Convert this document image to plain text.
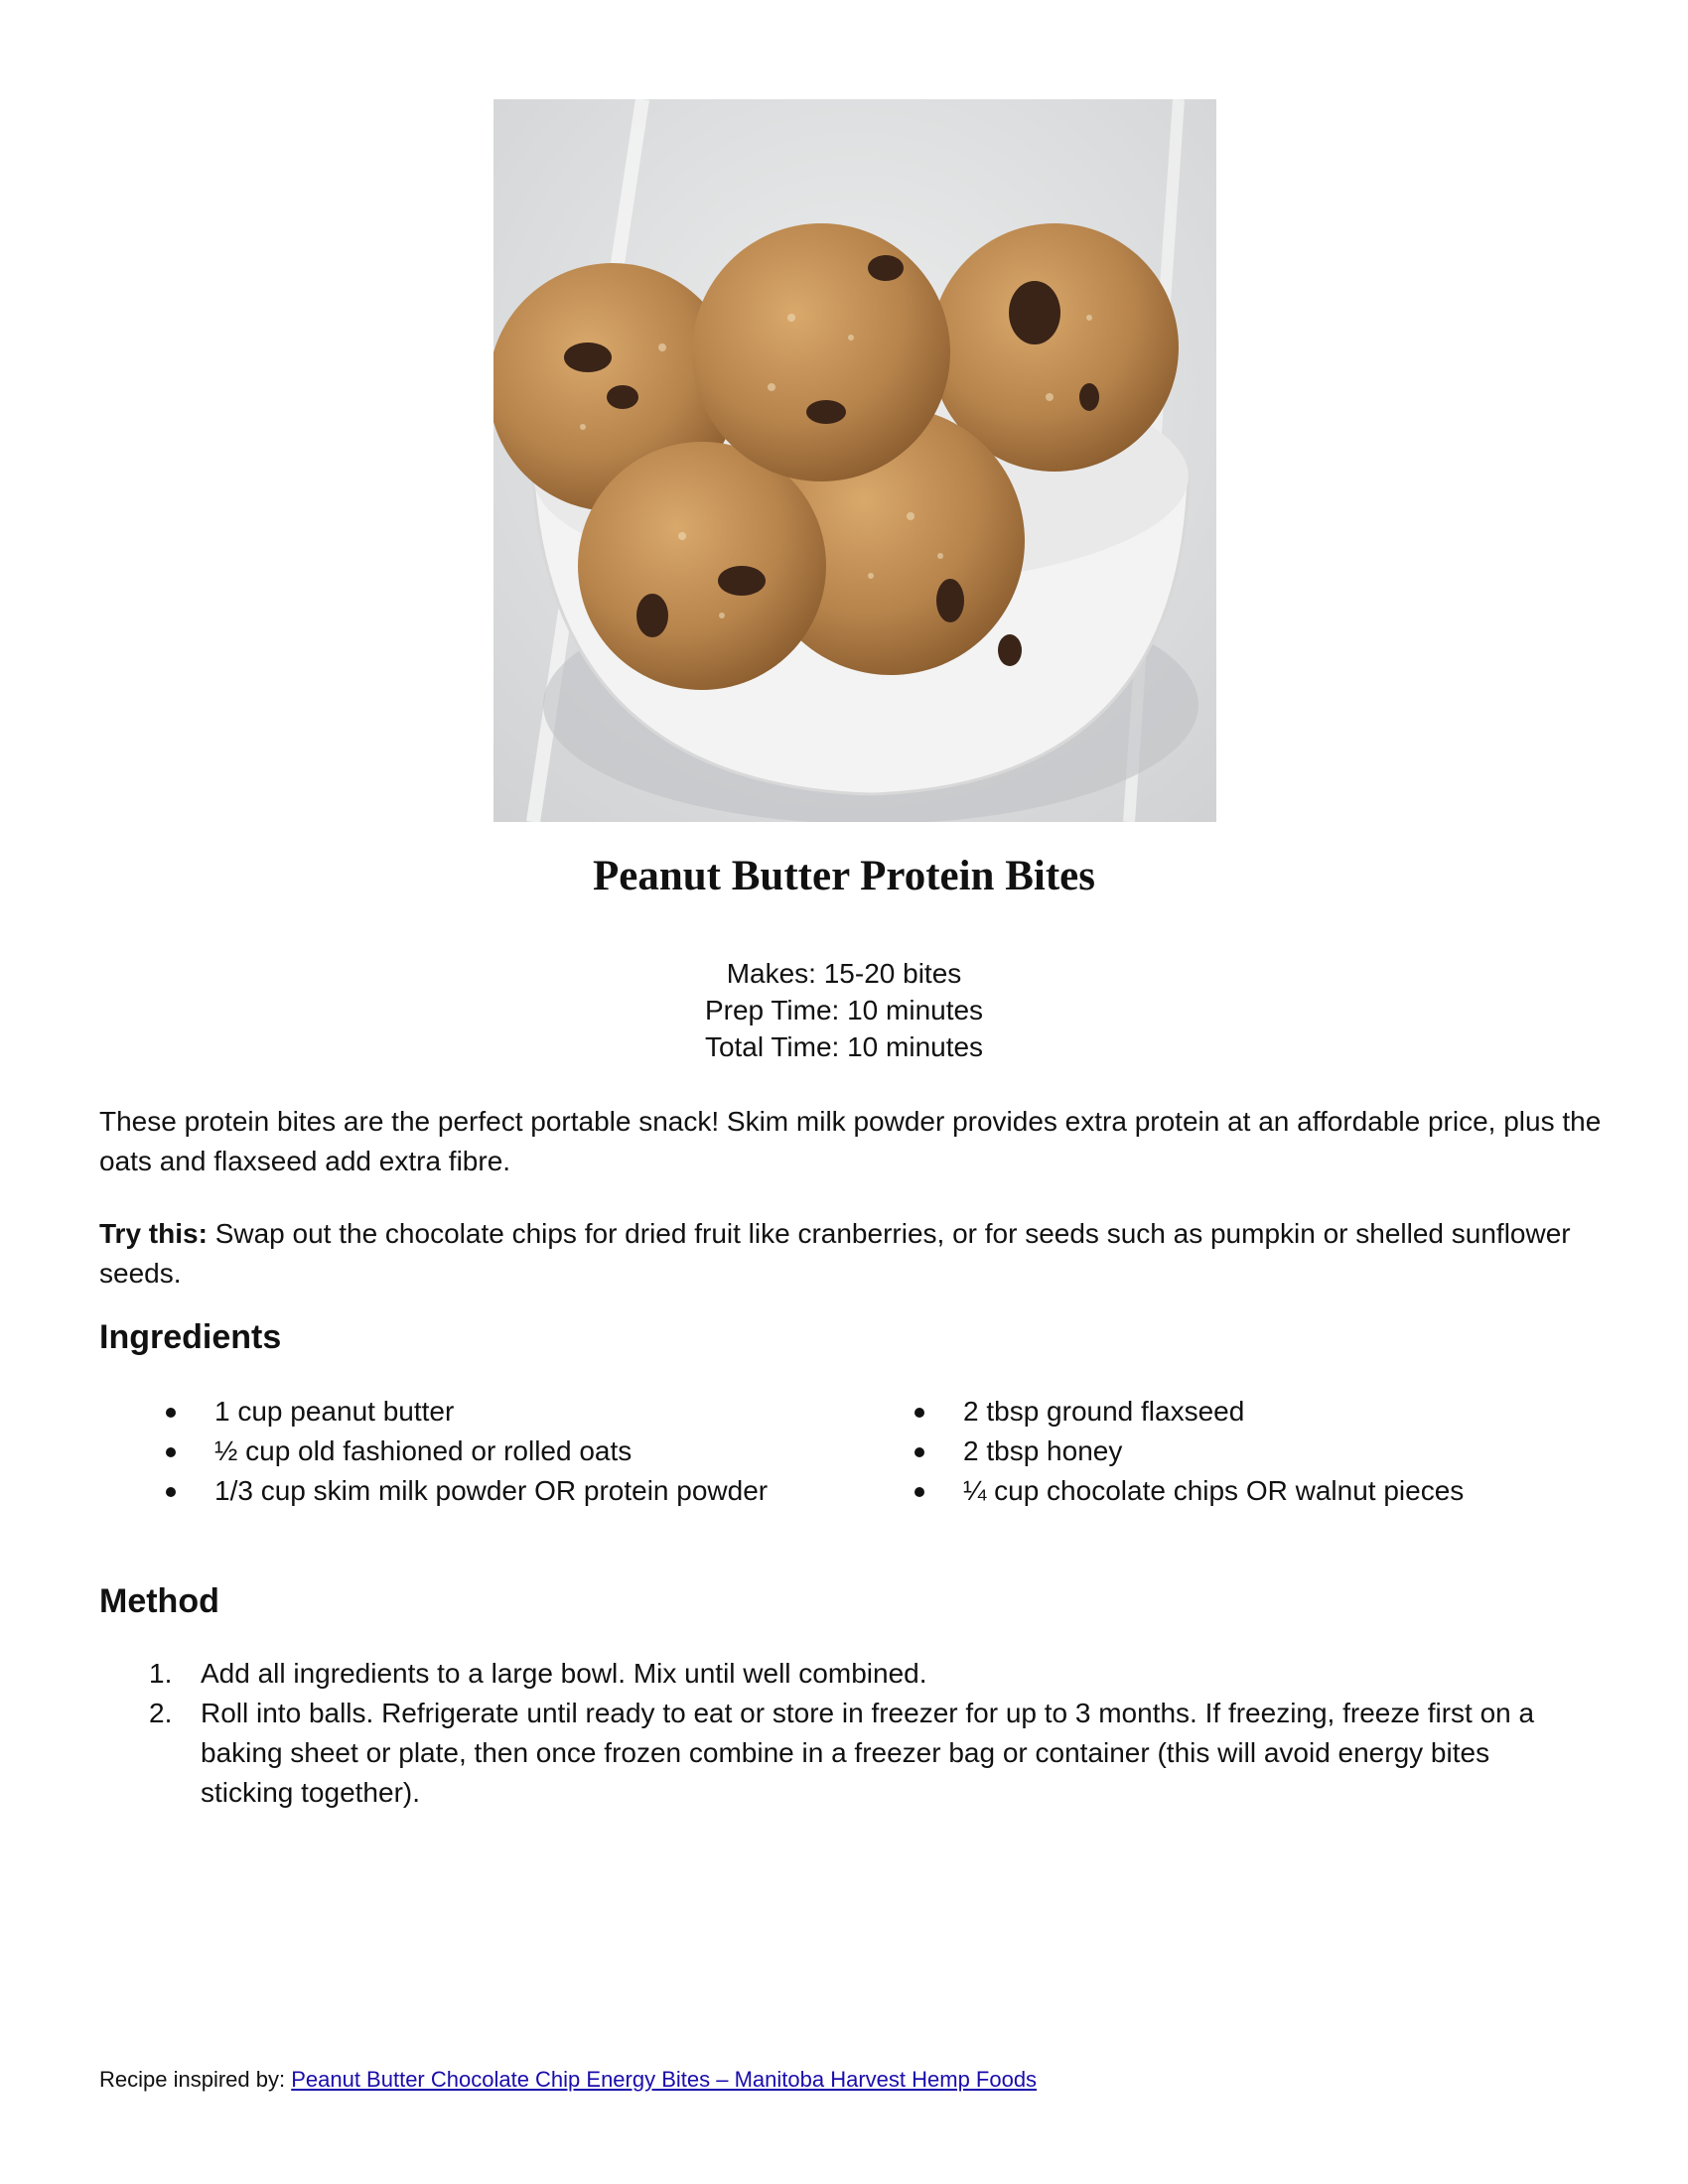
Peanut Butter Protein Bites
Makes: 15-20 bites
Prep Time: 10 minutes
Total Time: 10 minutes
These protein bites are the perfect portable snack! Skim milk powder provides extra protein at an affordable price, plus the oats and flaxseed add extra fibre.
Try this: Swap out the chocolate chips for dried fruit like cranberries, or for seeds such as pumpkin or shelled sunflower seeds.
Ingredients
1 cup peanut butter
½ cup old fashioned or rolled oats
1/3 cup skim milk powder OR protein powder
2 tbsp ground flaxseed
2 tbsp honey
¼ cup chocolate chips OR walnut pieces
Method
1. Add all ingredients to a large bowl. Mix until well combined.
2. Roll into balls. Refrigerate until ready to eat or store in freezer for up to 3 months. If freezing, freeze first on a baking sheet or plate, then once frozen combine in a freezer bag or container (this will avoid energy bites sticking together).
Recipe inspired by: Peanut Butter Chocolate Chip Energy Bites – Manitoba Harvest Hemp Foods
